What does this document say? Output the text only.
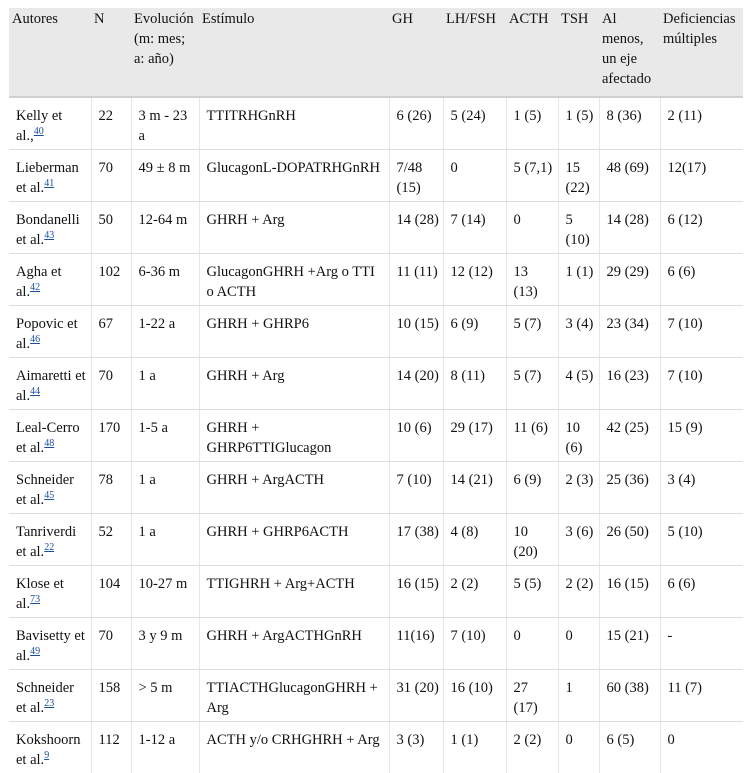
Autores	N	Evolución (m: mes; a: año)	Estímulo	GH	LH/FSH	ACTH	TSH	Al menos, un eje afectado	Deficiencias múltiples
Kelly et al.,$^{40}$	22	3 m - 23 a	TTITRHGnRH	6 (26)	5 (24)	1 (5)	1 (5)	8 (36)	2 (11)
Lieberman et al.$^{41}$	70	49 ± 8 m	GlucagonL-DOPATRHGnRH	7/48 (15)	0	5 (7,1)	15 (22)	48 (69)	12(17)
Bondanelli et al.$^{43}$	50	12-64 m	GHRH + Arg	14 (28)	7 (14)	0	5 (10)	14 (28)	6 (12)
Agha et al.$^{42}$	102	6-36 m	GlucagonGHRH +Arg o TTI o ACTH	11 (11)	12 (12)	13 (13)	1 (1)	29 (29)	6 (6)
Popovic et al.$^{46}$	67	1-22 a	GHRH + GHRP6	10 (15)	6 (9)	5 (7)	3 (4)	23 (34)	7 (10)
Aimaretti et al.$^{44}$	70	1 a	GHRH + Arg	14 (20)	8 (11)	5 (7)	4 (5)	16 (23)	7 (10)
Leal-Cerro et al.$^{48}$	170	1-5 a	GHRH + GHRP6TTIGlucagon	10 (6)	29 (17)	11 (6)	10 (6)	42 (25)	15 (9)
Schneider et al.$^{45}$	78	1 a	GHRH + ArgACTH	7 (10)	14 (21)	6 (9)	2 (3)	25 (36)	3 (4)
Tanriverdi et al.$^{22}$	52	1 a	GHRH + GHRP6ACTH	17 (38)	4 (8)	10 (20)	3 (6)	26 (50)	5 (10)
Klose et al.$^{73}$	104	10-27 m	TTIGHRH + Arg+ACTH	16 (15)	2 (2)	5 (5)	2 (2)	16 (15)	6 (6)
Bavisetty et al.$^{49}$	70	3 y 9 m	GHRH + ArgACTHGnRH	11(16)	7 (10)	0	0	15 (21)	-
Schneider et al.$^{23}$	158	> 5 m	TTIACTHGlucagonGHRH + Arg	31 (20)	16 (10)	27 (17)	1	60 (38)	11 (7)
Kokshoorn et al.$^9$	112	1-12 a	ACTH y/o CRHGHRH + Arg	3 (3)	1 (1)	2 (2)	0	6 (5)	0
